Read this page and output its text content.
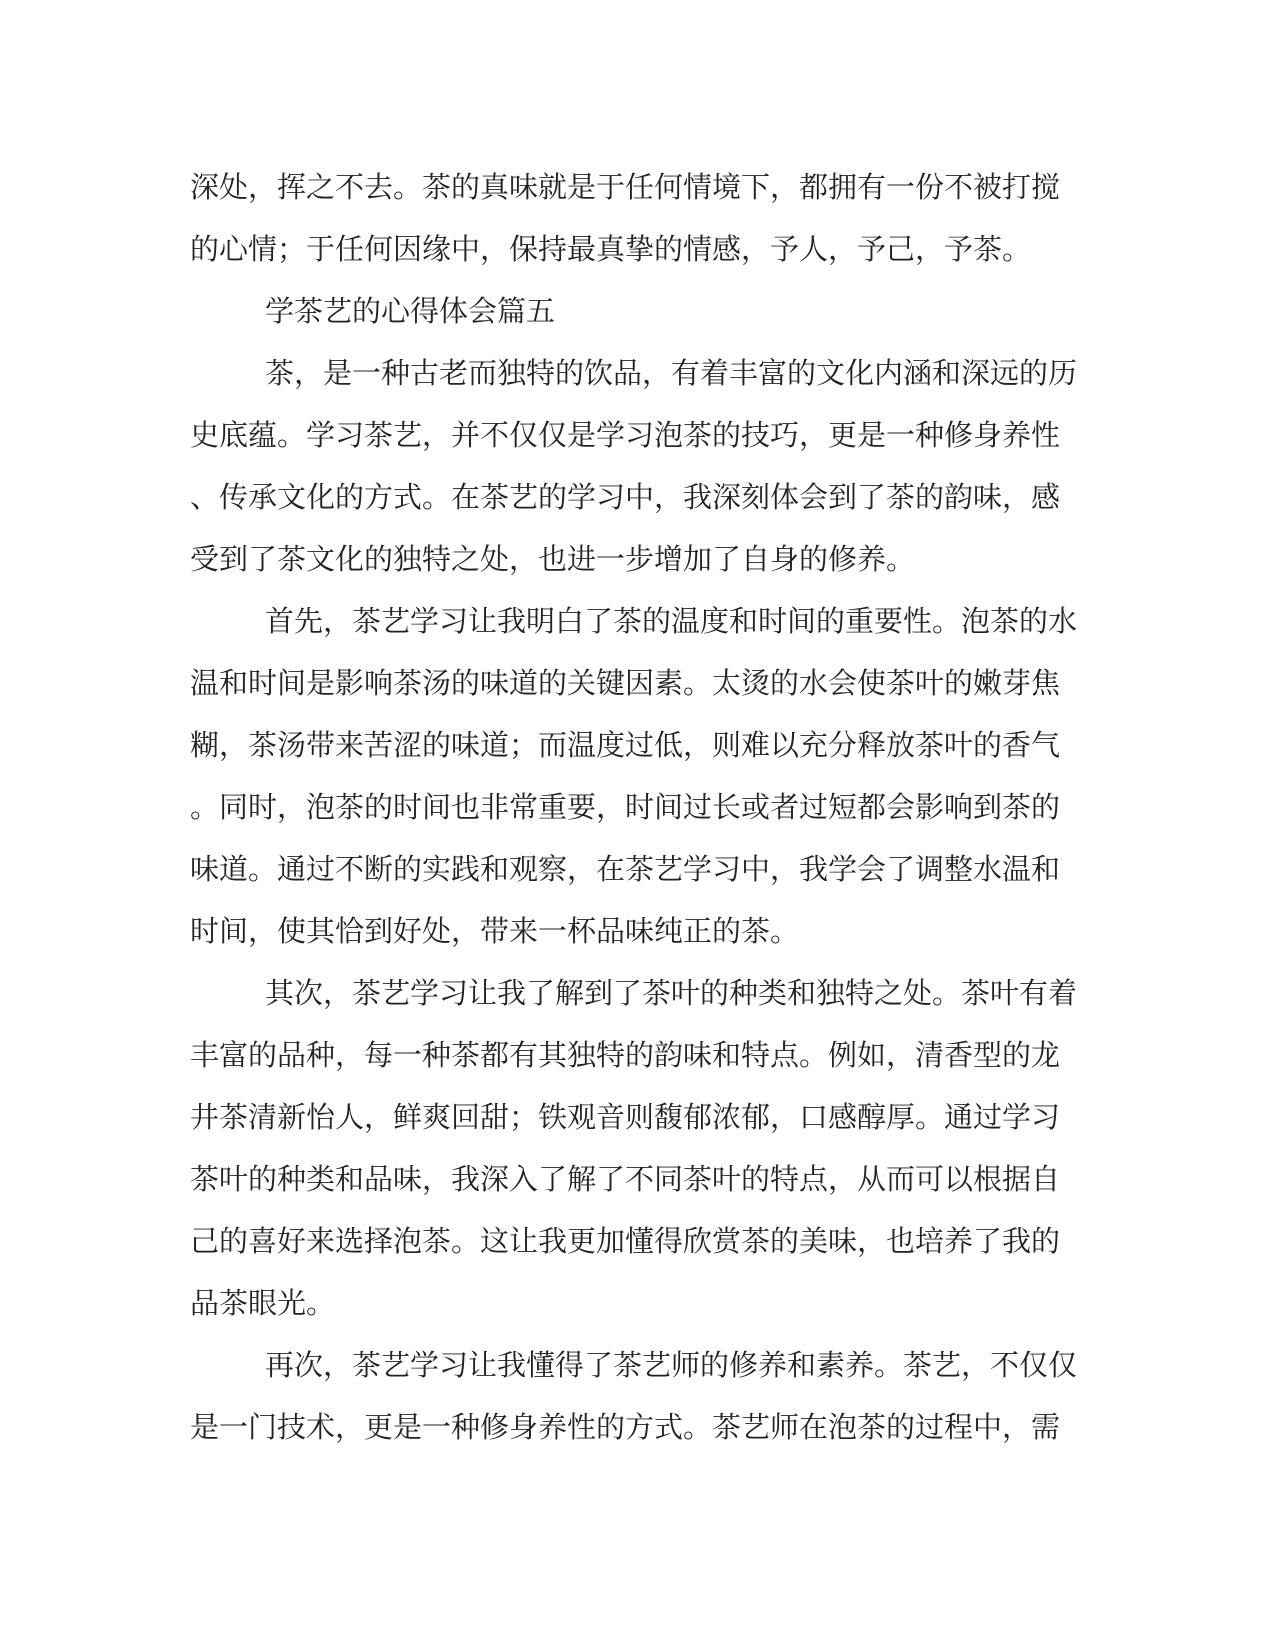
深处，挥之不去。茶的真味就是于任何情境下，都拥有一份不被打搅
的心情；于任何因缘中，保持最真挚的情感，予人，予己，予茶。
学茶艺的心得体会篇五
茶，是一种古老而独特的饮品，有着丰富的文化内涵和深远的历
史底蕴。学习茶艺，并不仅仅是学习泡茶的技巧，更是一种修身养性
、传承文化的方式。在茶艺的学习中，我深刻体会到了茶的韵味，感
受到了茶文化的独特之处，也进一步增加了自身的修养。
首先，茶艺学习让我明白了茶的温度和时间的重要性。泡茶的水
温和时间是影响茶汤的味道的关键因素。太烫的水会使茶叶的嫩芽焦
糊，茶汤带来苦涩的味道；而温度过低，则难以充分释放茶叶的香气
。同时，泡茶的时间也非常重要，时间过长或者过短都会影响到茶的
味道。通过不断的实践和观察，在茶艺学习中，我学会了调整水温和
时间，使其恰到好处，带来一杯品味纯正的茶。
其次，茶艺学习让我了解到了茶叶的种类和独特之处。茶叶有着
丰富的品种，每一种茶都有其独特的韵味和特点。例如，清香型的龙
井茶清新怡人，鲜爽回甜；铁观音则馥郁浓郁，口感醇厚。通过学习
茶叶的种类和品味，我深入了解了不同茶叶的特点，从而可以根据自
己的喜好来选择泡茶。这让我更加懂得欣赏茶的美味，也培养了我的
品茶眼光。
再次，茶艺学习让我懂得了茶艺师的修养和素养。茶艺，不仅仅
是一门技术，更是一种修身养性的方式。茶艺师在泡茶的过程中，需
